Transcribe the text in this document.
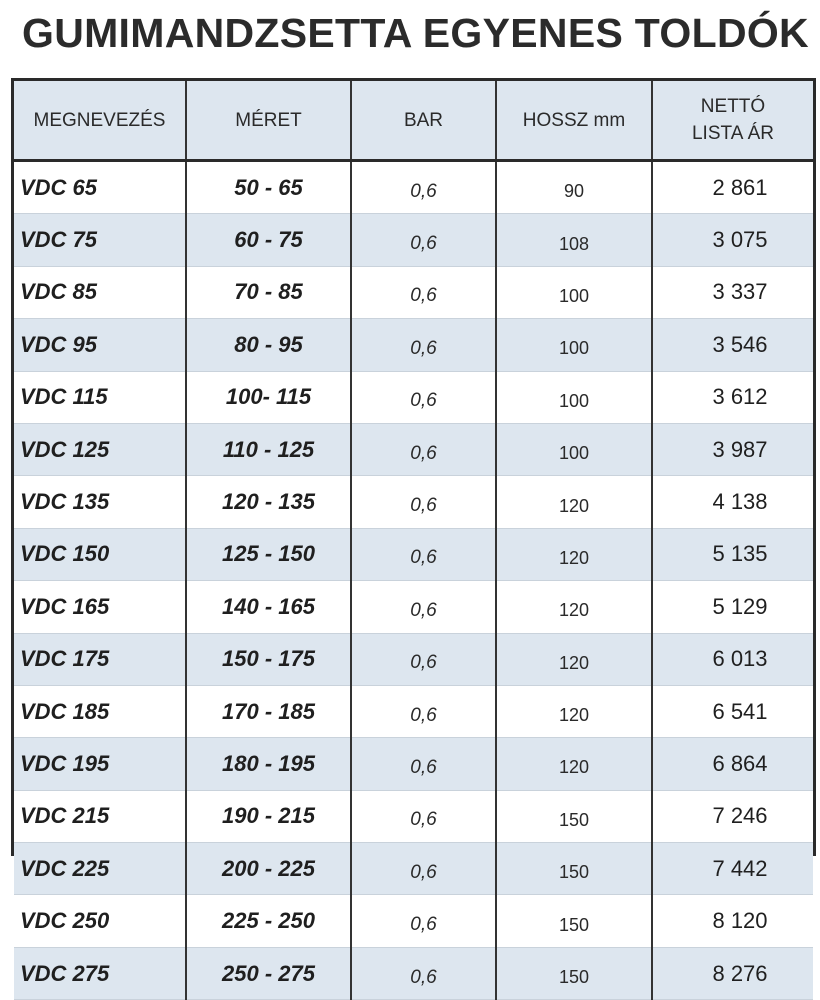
GUMIMANDZSETTA EGYENES TOLDÓK
MEGNEVEZÉS	MÉRET	BAR	HOSSZ mm	NETTÓ
LISTA ÁR

VDC 65	50 - 65	0,6	90	2 861
VDC 75	60 - 75	0,6	108	3 075
VDC 85	70 - 85	0,6	100	3 337
VDC 95	80 - 95	0,6	100	3 546
VDC 115	100- 115	0,6	100	3 612
VDC 125	110 - 125	0,6	100	3 987
VDC 135	120 - 135	0,6	120	4 138
VDC 150	125 - 150	0,6	120	5 135
VDC 165	140 - 165	0,6	120	5 129
VDC 175	150 - 175	0,6	120	6 013
VDC 185	170 - 185	0,6	120	6 541
VDC 195	180 - 195	0,6	120	6 864
VDC 215	190 - 215	0,6	150	7 246
VDC 225	200 - 225	0,6	150	7 442
VDC 250	225 - 250	0,6	150	8 120
VDC 275	250 - 275	0,6	150	8 276
